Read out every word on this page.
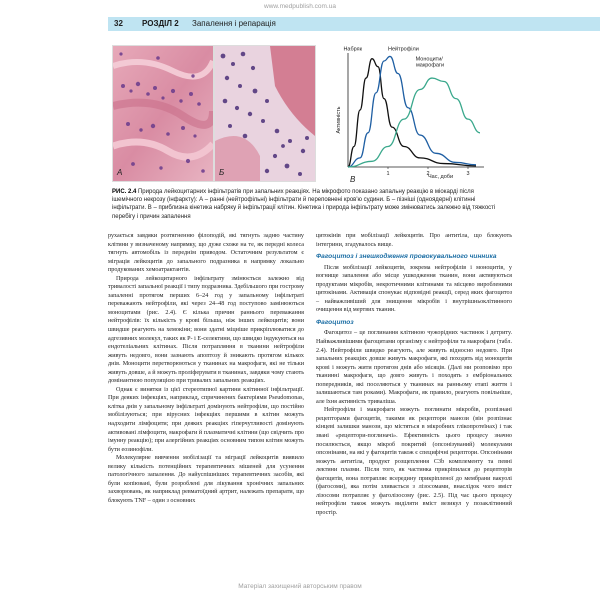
www.medpublish.com.ua
32 РОЗДІЛ 2 Запалення і репарація
A	Б
Активність
Час, доби
В
1	2	3
Набряк	Нейтрофіли
Моноцити/ макрофаги
РИС. 2.4 Природа лейкоцитарних інфільтратів при запальних реакціях. На мікрофото показано запальну реакцію в міокарді після ішемічного некрозу (інфаркту): А – ранні (нейтрофільні) інфільтрати й переповнені кров'ю судини. Б – пізніші (одноядерні) клітинні інфільтрати. В – приблизна кінетика набряку й інфільтрації клітин. Кінетика і природа інфільтрату може змінюватись залежно від тяжкості перебігу і причин запалення

рухається завдяки розтягненню філоподій, які тягнуть задню частину клітини у визначеному напрямку, що дуже схоже на те, як передні колеса тягнуть автомобіль із переднім приводом. Остаточним результатом є міграція лейкоцитів до запального подразника в напрямку локально продукованих хемоатрактантів.

Природа лейкоцитарного інфільтрату змінюється залежно від тривалості запальної реакції і типу подразника. Здебільшого при гострому запаленні протягом перших 6–24 год у запальному інфільтраті переважають нейтрофіли, які через 24–48 год поступово замінюються моноцитами (рис. 2.4). Є кілька причин раннього переважання нейтрофілів: їх кількість у крові більша, ніж інших лейкоцитів; вони швидше реагують на хемокіни; вони здатні міцніше прикріплюватися до адгезивних молекул, таких як Р- і Е-селектини, що швидко індукуються на ендотеліальних клітинах. Після потрапляння в тканини нейтрофіли живуть недовго, вони зазнають апоптозу й зникають протягом кількох днів. Моноцити перетворюються у тканинах на макрофаги, які не тільки живуть довше, а й можуть проліферувати в тканинах, завдяки чому стають домінантною популяцією при тривалих запальних реакціях.

Однак є винятки із цієї стереотипної картини клітинної інфільтрації. При деяких інфекціях, наприклад, спричинених бактеріями Pseudomonas, клітка днів у запальному інфільтраті домінують нейтрофіли, що постійно мобілізуються; при вірусних інфекціях першими в клітин можуть надходити лімфоцити; при деяких реакціях гіперчутливості домінують активовані лімфоцити, макрофаги й плазматичні клітини (що свідчить про імунну реакцію); при алергійних реакціях основним типом клітин можуть бути еозинофіли.

Молекулярне вивчення мобілізації та міграції лейкоцитів виявило велику кількість потенційних терапевтичних мішеней для усунення патологічного запалення. До найуспішніших терапевтичних засобів, які були копіювані, були розроблені для лікування хронічних запальних захворювань, як наприклад ревматоїдний артрит, належать препарати, що блокують TNF – один з основних

цитокінів при мобілізації лейкоцитів. Про антитіла, що блокують інтегрини, згадувалось вище.

Фагоцитоз і знешкодження провокувального чинника

Після мобілізації лейкоцитів, зокрема нейтрофілів і моноцитів, у вогнище запалення або місце ушкодження тканин, вони активуються продуктами мікробів, некротичними клітинами та місцево виробленими цитокінами. Активація спонукає відповідні реакції, серед яких фагоцитоз – найважливіший для знищення мікробів і внутрішньоклітинного очищення від мертвих тканин.

Фагоцитоз

Фагоцитоз – це поглинання клітиною чужорідних частинок і детриту. Найважливішими фагоцитами організму є нейтрофіли та макрофаги (табл. 2.4). Нейтрофіли швидко реагують, але живуть відносно недовго. При запальних реакціях довше живуть макрофаги, які походять від моноцитів крові і можуть жити протягом днів або місяців. (Далі ми розповімо про тканинні макрофаги, що довго живуть і походять з ембріональних попередників, які поселяються у тканинах на ранньому етапі життя і залишаються там роками). Макрофаги, як правило, реагують повільніше, але їхня активність триваліша.

Нейтрофіли і макрофаги можуть поглинати мікробів, розпізнані рецепторами фагоцитів, такими як рецептори манози (він розпізнає кінцеві залишки манози, що містяться в мікробних глікопротеїнах) і так звані «рецептори-поглиначі». Ефективність цього процесу значно посилюється, якщо мікроб покритий (опсонізуваний) молекулами опсонінами, на які у фагоцитів також є специфічні рецептори. Опсонінами можуть антитіла, продукт розщеплення С3b комплементу та певні лектини плазми. Після того, як частинка прикріпилася до рецепторів фагоцитів, вона потрапляє всередину прикріпленої до мембрани вакуолі (фагосоми), яка потім зливається з лізосомами, внаслідок чого вміст лізосоми потрапляє у фаголізосому (рис. 2.5). Під час цього процесу нейтрофіли також можуть виділяти вміст везикул у позаклітинний простір.

Матеріал захищений авторським правом
